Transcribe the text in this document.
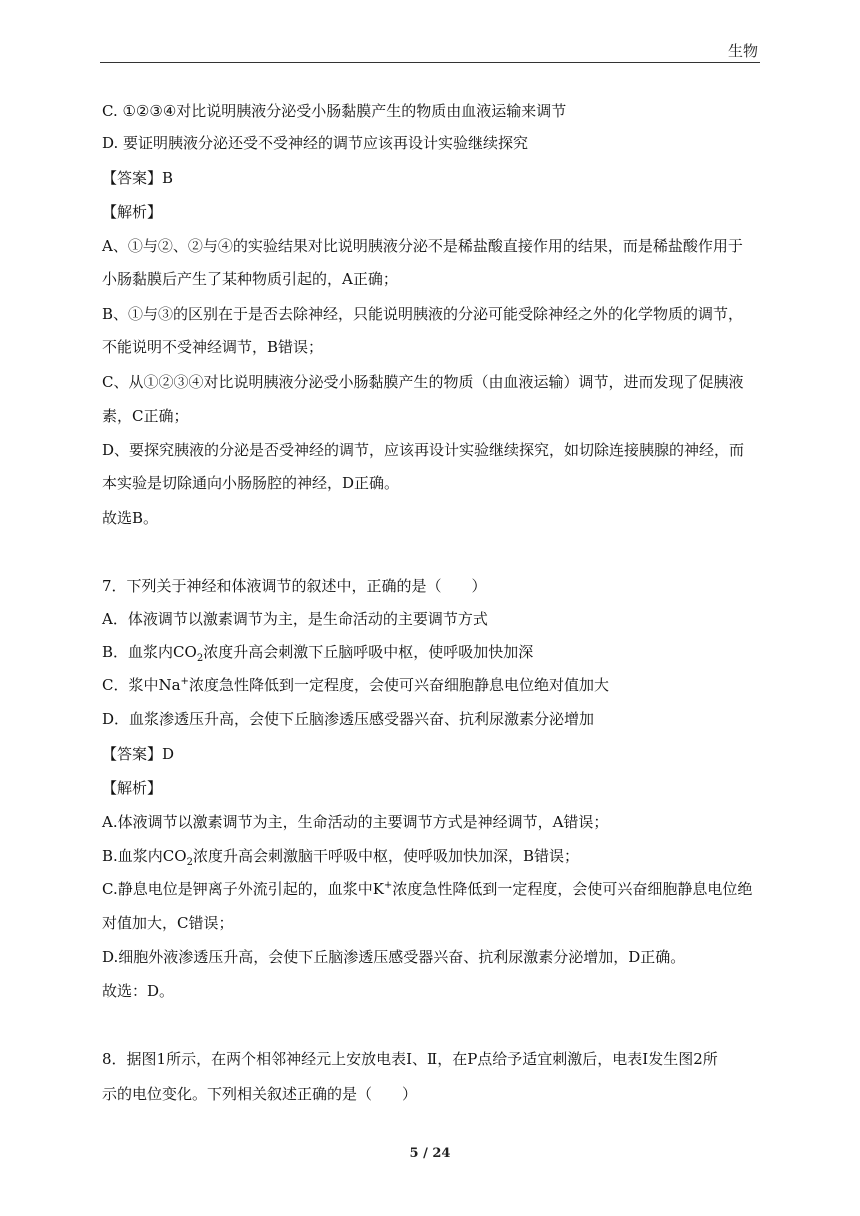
生物
C. ①②③④对比说明胰液分泌受小肠黏膜产生的物质由血液运输来调节
D. 要证明胰液分泌还受不受神经的调节应该再设计实验继续探究
【答案】B
【解析】
A、①与②、②与④的实验结果对比说明胰液分泌不是稀盐酸直接作用的结果，而是稀盐酸作用于
小肠黏膜后产生了某种物质引起的，A正确；
B、①与③的区别在于是否去除神经，只能说明胰液的分泌可能受除神经之外的化学物质的调节，
不能说明不受神经调节，B错误；
C、从①②③④对比说明胰液分泌受小肠黏膜产生的物质（由血液运输）调节，进而发现了促胰液
素，C正确；
D、要探究胰液的分泌是否受神经的调节，应该再设计实验继续探究，如切除连接胰腺的神经，而
本实验是切除通向小肠肠腔的神经，D正确。
故选B。
7．下列关于神经和体液调节的叙述中，正确的是（　　）
A．体液调节以激素调节为主，是生命活动的主要调节方式
B．血浆内$CO_2$浓度升高会刺激下丘脑呼吸中枢，使呼吸加快加深
C．浆中Na+浓度急性降低到一定程度，会使可兴奋细胞静息电位绝对值加大
D．血浆渗透压升高，会使下丘脑渗透压感受器兴奋、抗利尿激素分泌增加
【答案】D
【解析】
A.体液调节以激素调节为主，生命活动的主要调节方式是神经调节，A错误；
B.血浆内$CO_2$浓度升高会刺激脑干呼吸中枢，使呼吸加快加深，B错误；
C.静息电位是钾离子外流引起的，血浆中K+浓度急性降低到一定程度，会使可兴奋细胞静息电位绝
对值加大，C错误；
D.细胞外液渗透压升高，会使下丘脑渗透压感受器兴奋、抗利尿激素分泌增加，D正确。
故选：D。
8．据图1所示，在两个相邻神经元上安放电表Ⅰ、Ⅱ，在P点给予适宜刺激后，电表Ⅰ发生图2所
示的电位变化。下列相关叙述正确的是（　　）
5 / 24
